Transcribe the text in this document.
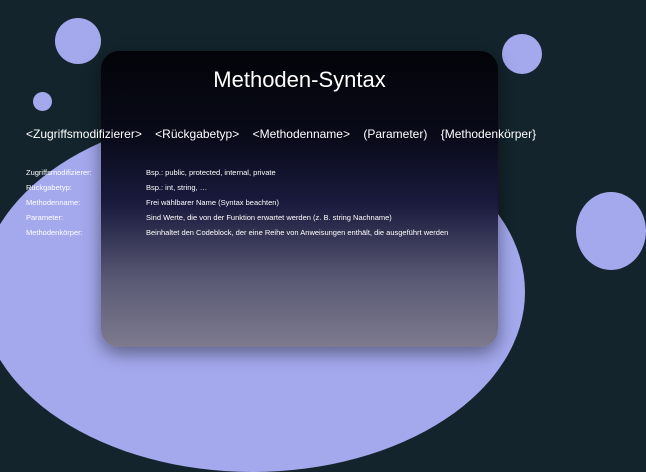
Methoden-Syntax
<Zugriffsmodifizierer> <Rückgabetyp> <Methodenname> (Parameter) {Methodenkörper}
Zugriffsmodifizierer:	Bsp.: public, protected, internal, private
Rückgabetyp:	Bsp.: int, string, …
Methodenname:	Frei wählbarer Name (Syntax beachten)
Parameter:	Sind Werte, die von der Funktion erwartet werden (z. B. string Nachname)
Methodenkörper:	Beinhaltet den Codeblock, der eine Reihe von Anweisungen enthält, die ausgeführt werden
